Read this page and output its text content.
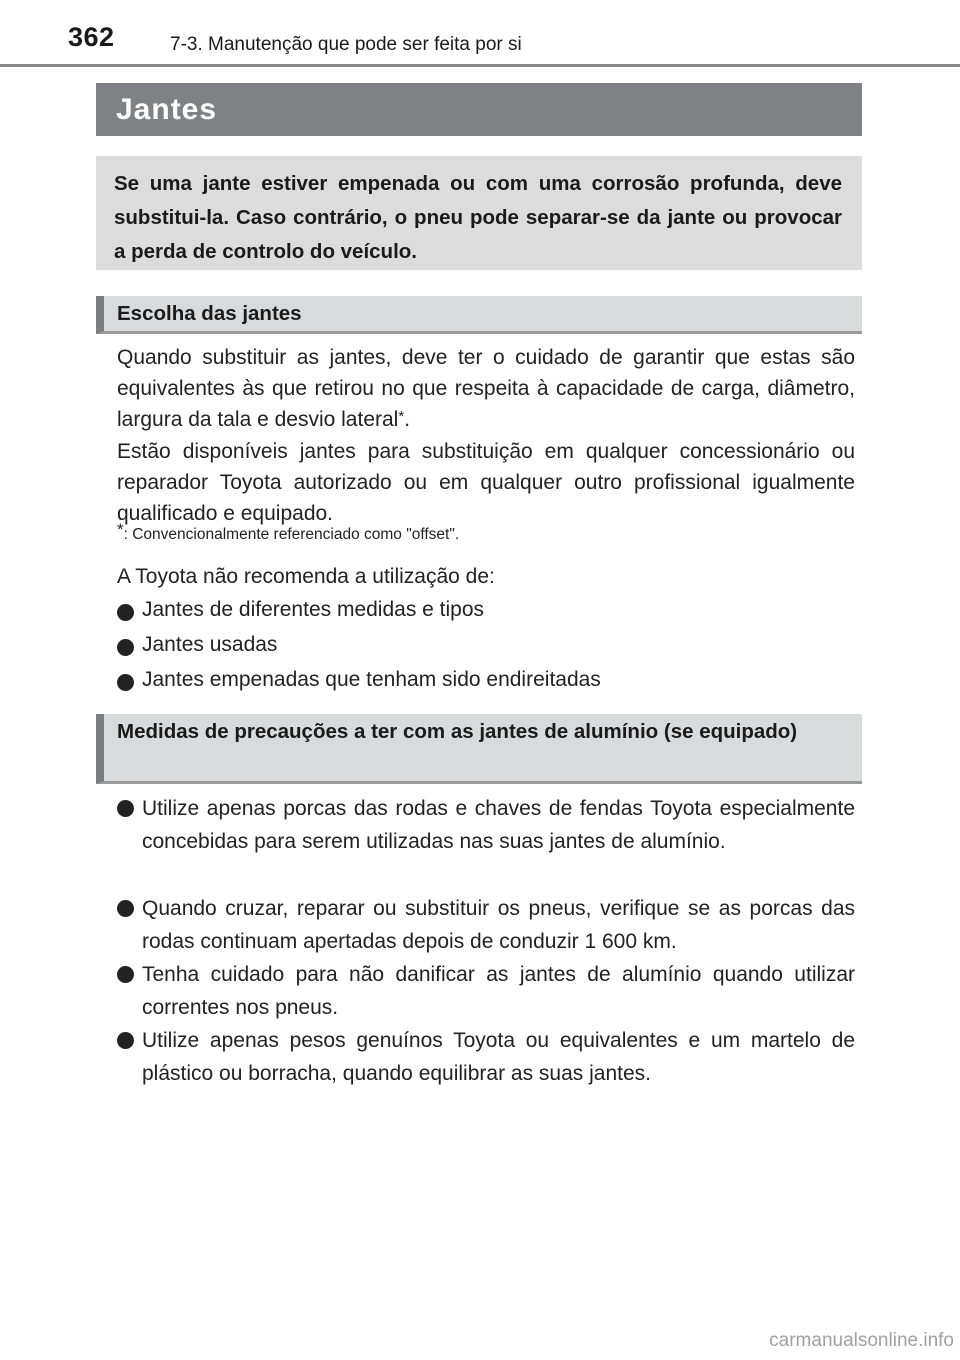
362	7-3. Manutenção que pode ser feita por si
Jantes

Se uma jante estiver empenada ou com uma corrosão profunda, deve substitui-la. Caso contrário, o pneu pode separar-se da jante ou provocar a perda de controlo do veículo.

Escolha das jantes

Quando substituir as jantes, deve ter o cuidado de garantir que estas são equivalentes às que retirou no que respeita à capacidade de carga, diâmetro, largura da tala e desvio lateral*.

Estão disponíveis jantes para substituição em qualquer concessionário ou reparador Toyota autorizado ou em qualquer outro profissional igualmente qualificado e equipado.

*: Convencionalmente referenciado como "offset".
A Toyota não recomenda a utilização de:
Jantes de diferentes medidas e tipos
Jantes usadas
Jantes empenadas que tenham sido endireitadas
Medidas de precauções a ter com as jantes de alumínio (se equipado)

Utilize apenas porcas das rodas e chaves de fendas Toyota especialmente concebidas para serem utilizadas nas suas jantes de alumínio.

Quando cruzar, reparar ou substituir os pneus, verifique se as porcas das rodas continuam apertadas depois de conduzir 1 600 km.

Tenha cuidado para não danificar as jantes de alumínio quando utilizar correntes nos pneus.

Utilize apenas pesos genuínos Toyota ou equivalentes e um martelo de plástico ou borracha, quando equilibrar as suas jantes.

carmanualsonline.info
